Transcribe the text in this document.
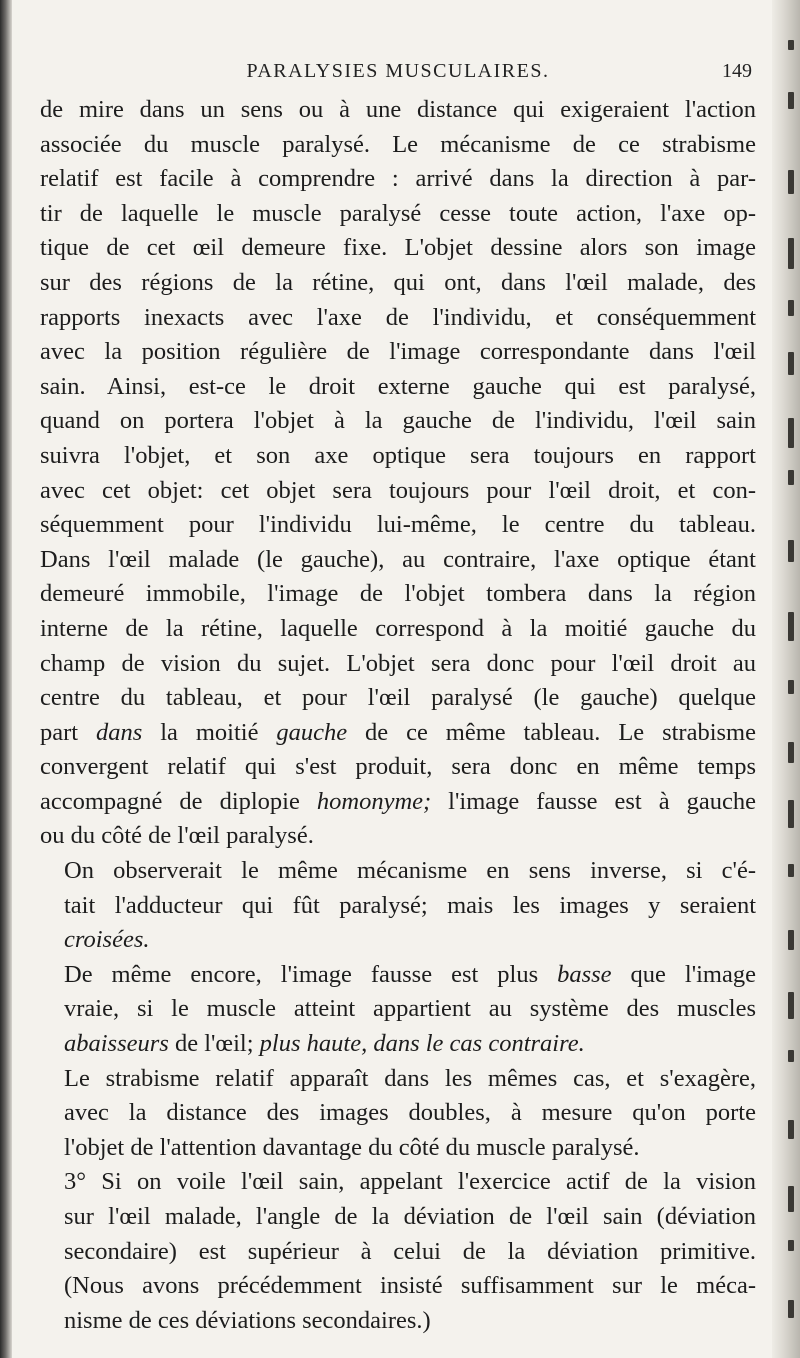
PARALYSIES MUSCULAIRES.	149

de mire dans un sens ou à une distance qui exigeraient l'action
associée du muscle paralysé. Le mécanisme de ce strabisme
relatif est facile à comprendre : arrivé dans la direction à par-
tir de laquelle le muscle paralysé cesse toute action, l'axe op-
tique de cet œil demeure fixe. L'objet dessine alors son image
sur des régions de la rétine, qui ont, dans l'œil malade, des
rapports inexacts avec l'axe de l'individu, et conséquemment
avec la position régulière de l'image correspondante dans l'œil
sain. Ainsi, est-ce le droit externe gauche qui est paralysé,
quand on portera l'objet à la gauche de l'individu, l'œil sain
suivra l'objet, et son axe optique sera toujours en rapport
avec cet objet: cet objet sera toujours pour l'œil droit, et con-
séquemment pour l'individu lui-même, le centre du tableau.
Dans l'œil malade (le gauche), au contraire, l'axe optique étant
demeuré immobile, l'image de l'objet tombera dans la région
interne de la rétine, laquelle correspond à la moitié gauche du
champ de vision du sujet. L'objet sera donc pour l'œil droit au
centre du tableau, et pour l'œil paralysé (le gauche) quelque
part dans la moitié gauche de ce même tableau. Le strabisme
convergent relatif qui s'est produit, sera donc en même temps
accompagné de diplopie homonyme; l'image fausse est à gauche
ou du côté de l'œil paralysé.

On observerait le même mécanisme en sens inverse, si c'é-
tait l'adducteur qui fût paralysé; mais les images y seraient
croisées.

De même encore, l'image fausse est plus basse que l'image
vraie, si le muscle atteint appartient au système des muscles
abaisseurs de l'œil; plus haute, dans le cas contraire.

Le strabisme relatif apparaît dans les mêmes cas, et s'exagère,
avec la distance des images doubles, à mesure qu'on porte
l'objet de l'attention davantage du côté du muscle paralysé.

3° Si on voile l'œil sain, appelant l'exercice actif de la vision
sur l'œil malade, l'angle de la déviation de l'œil sain (déviation
secondaire) est supérieur à celui de la déviation primitive.
(Nous avons précédemment insisté suffisamment sur le méca-
nisme de ces déviations secondaires.)
